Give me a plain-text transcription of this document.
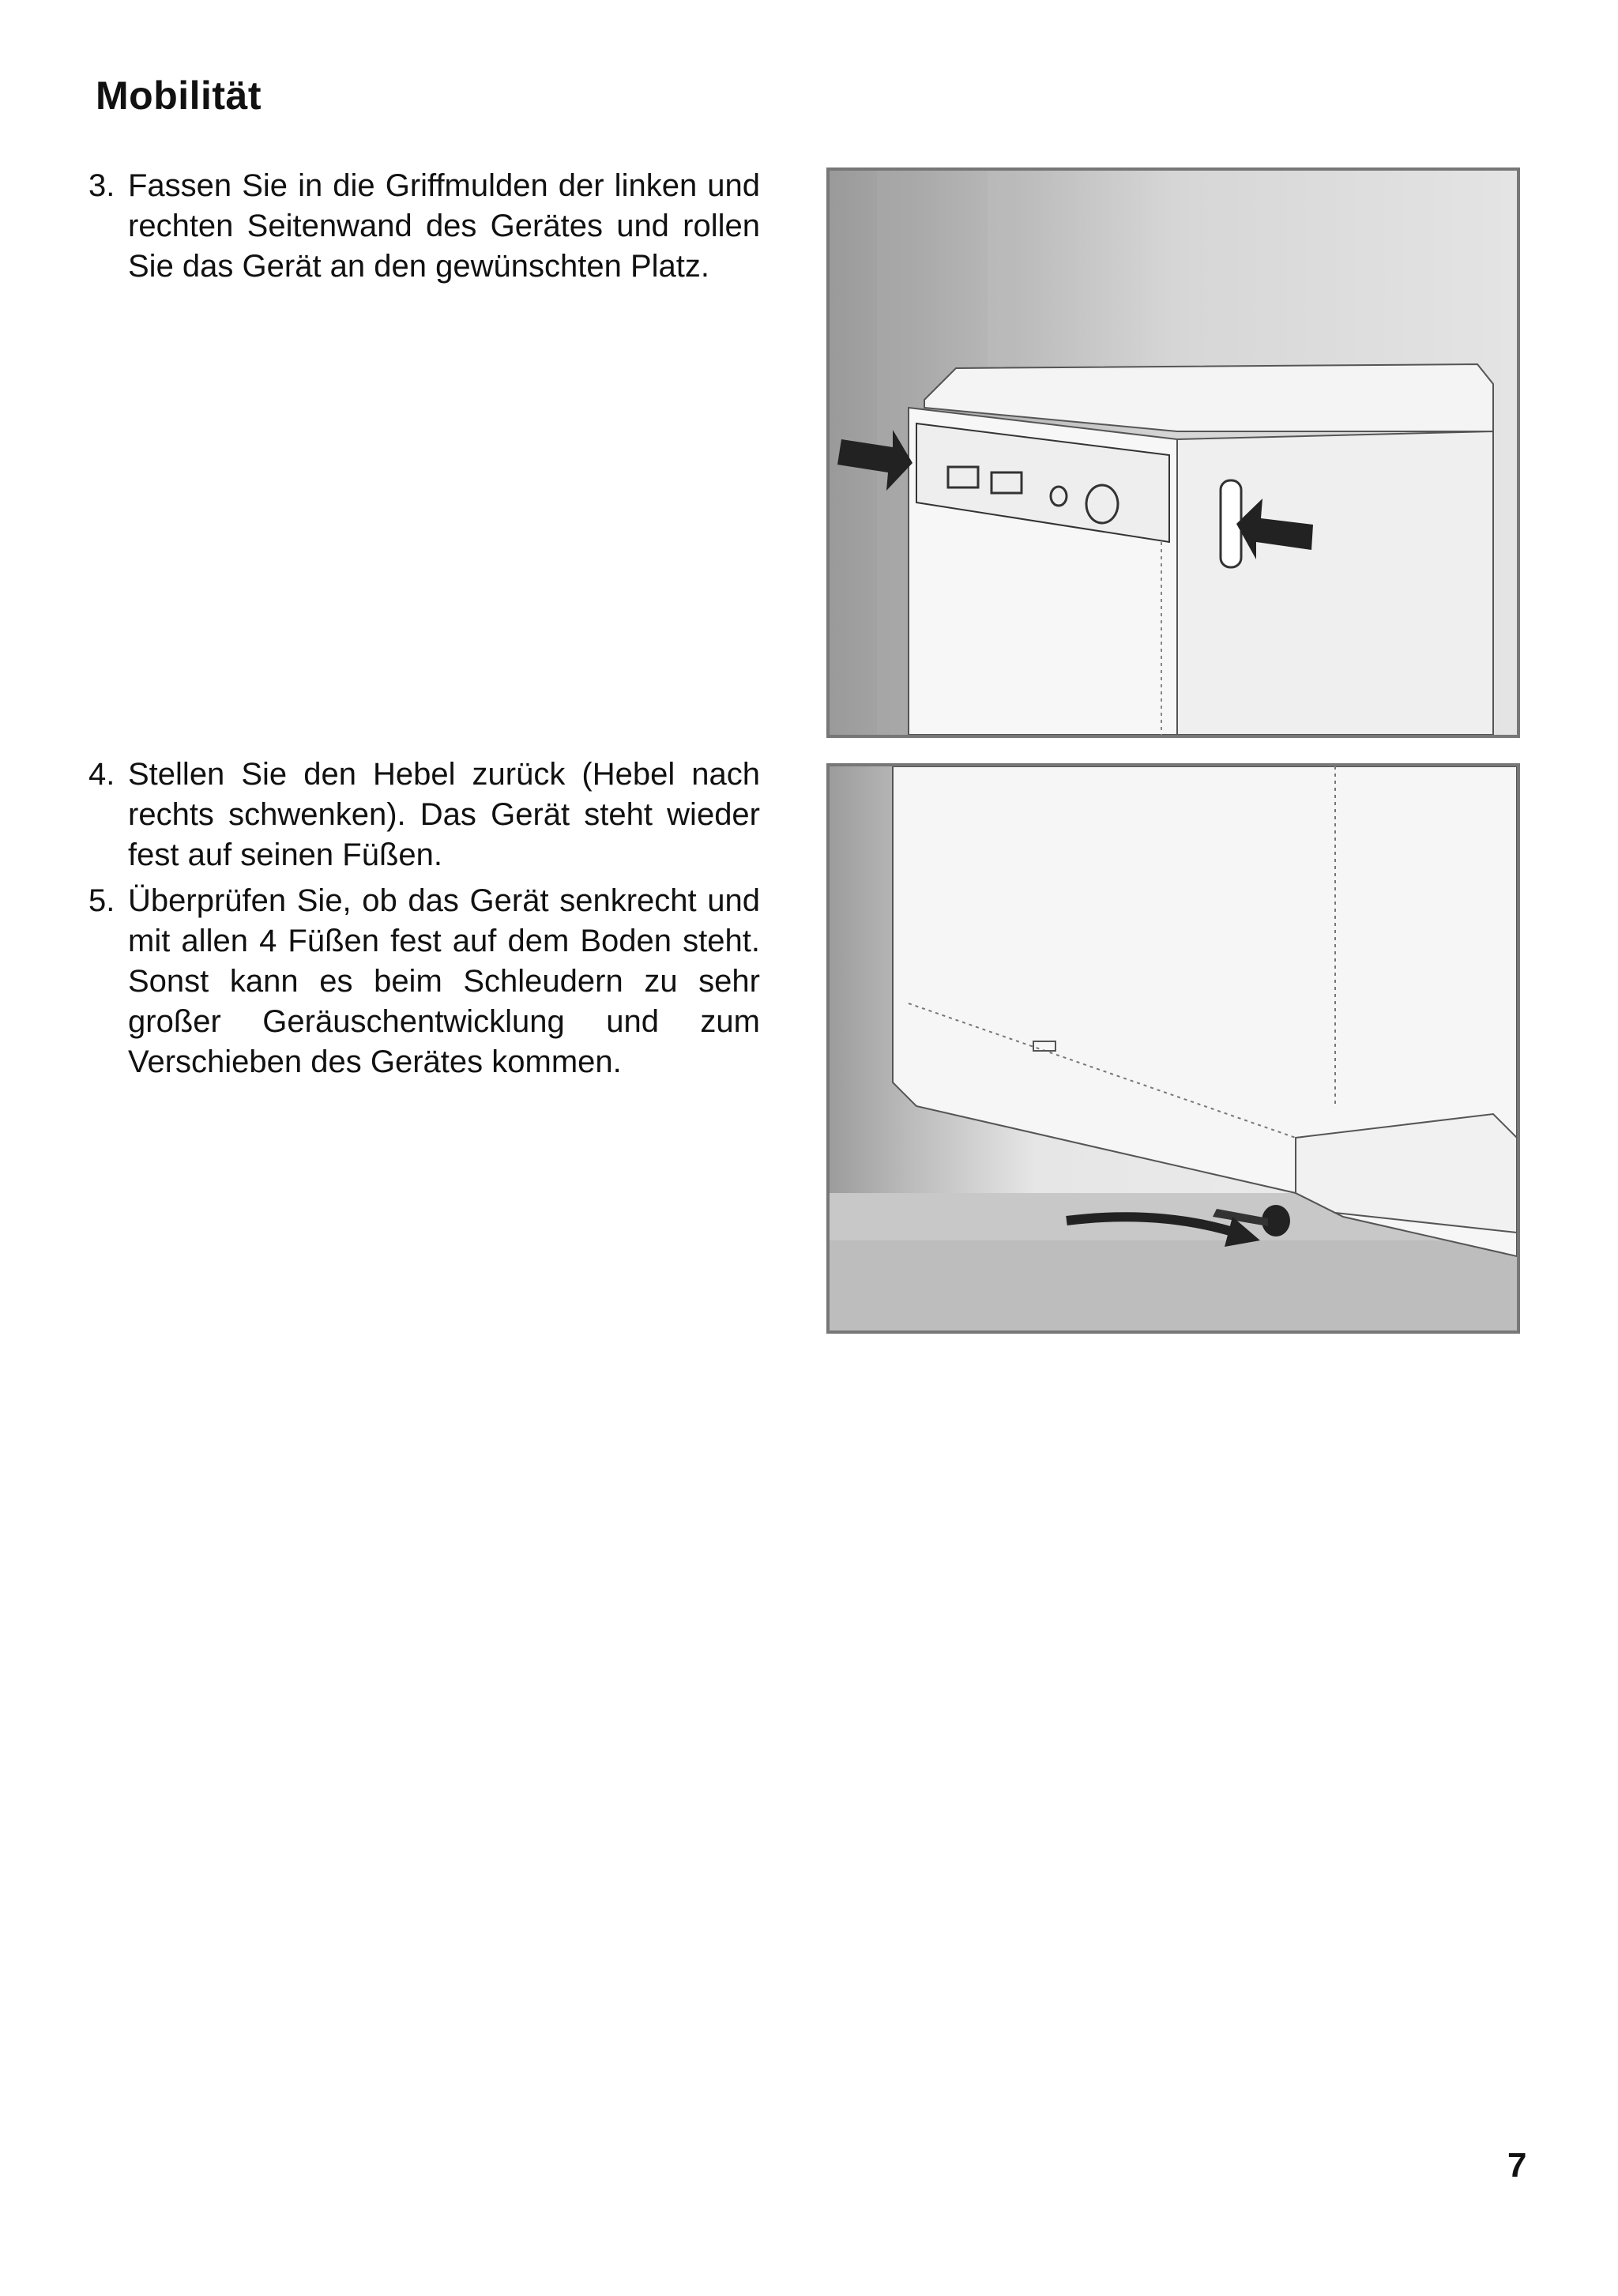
Mobilität
3. Fassen Sie in die Griffmulden der linken und rechten Seitenwand des Gerätes und rollen Sie das Gerät an den gewünschten Platz.
4. Stellen Sie den Hebel zurück (Hebel nach rechts schwenken). Das Gerät steht wieder fest auf seinen Füßen.
5. Überprüfen Sie, ob das Gerät senkrecht und mit allen 4 Füßen fest auf dem Boden steht. Sonst kann es beim Schleudern zu sehr großer Geräuschentwicklung und zum Verschieben des Gerätes kommen.
7
